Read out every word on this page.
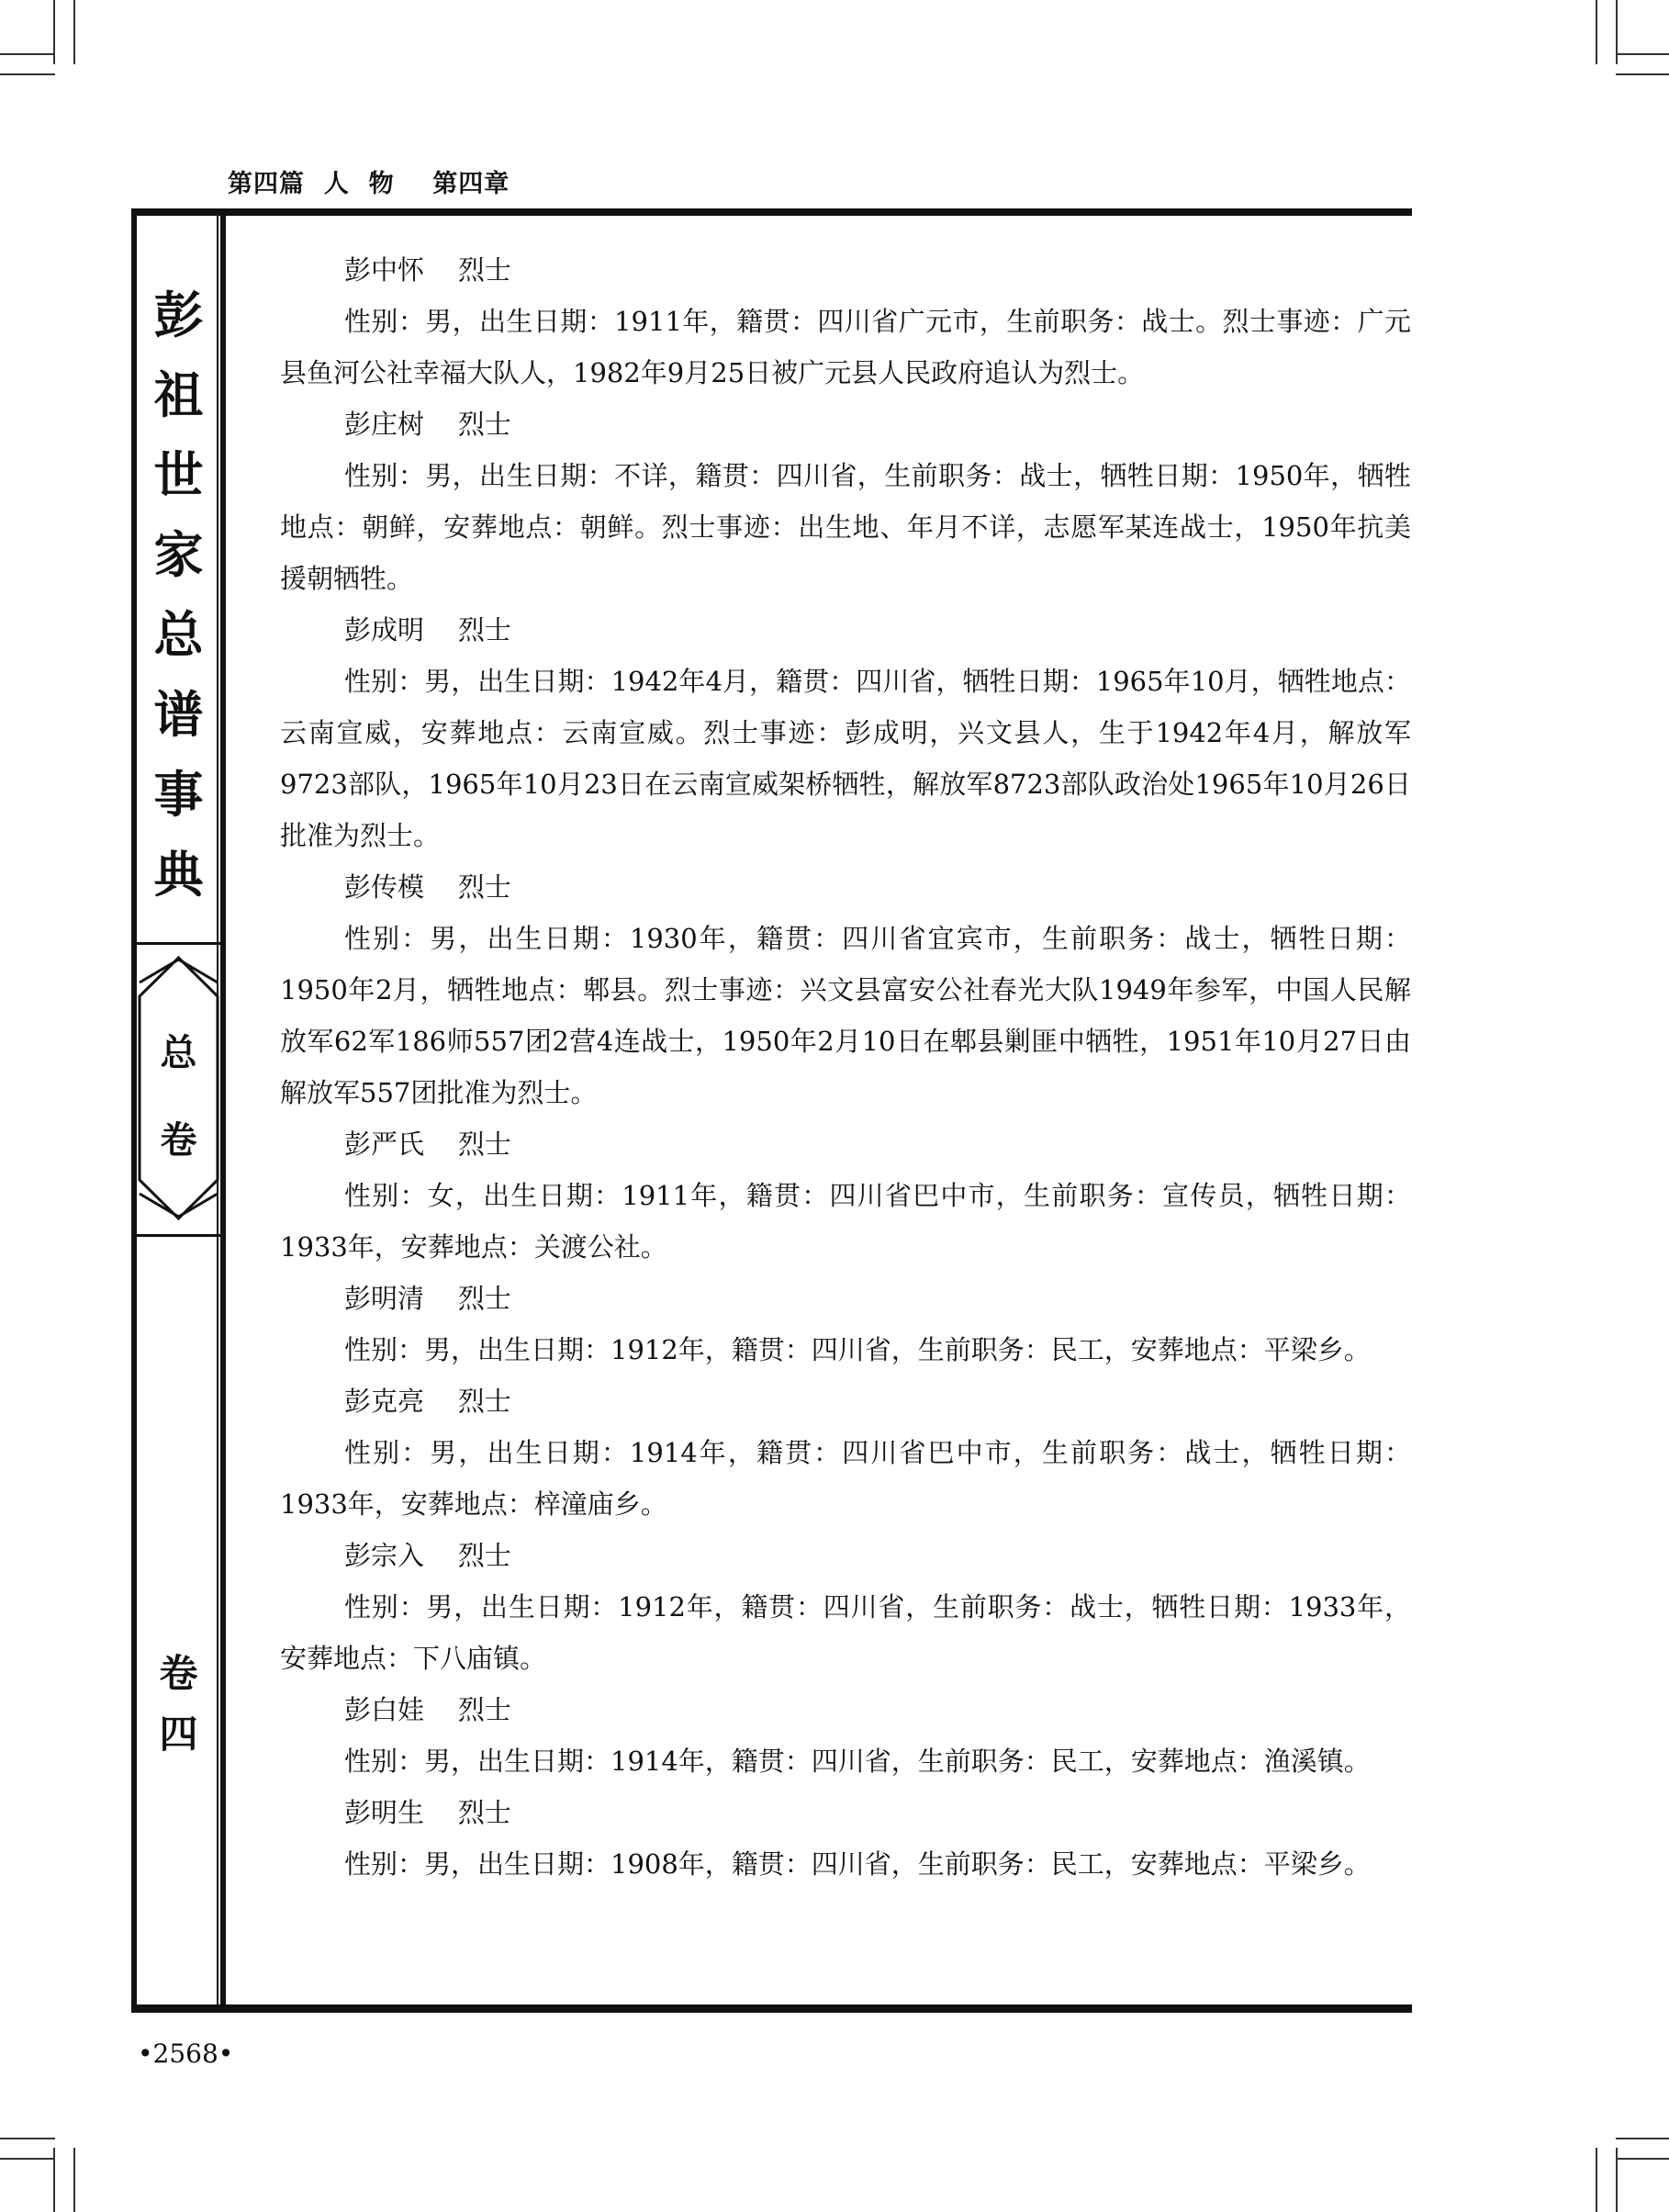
第四篇  人  物    第四章
彭
祖
世
家
总
谱
事
典
总
卷
卷
四

彭中怀    烈士

性别：男，出生日期：1911年，籍贯：四川省广元市，生前职务：战士。烈士事迹：广元县鱼河公社幸福大队人，1982年9月25日被广元县人民政府追认为烈士。

彭庄树    烈士

性别：男，出生日期：不详，籍贯：四川省，生前职务：战士，牺牲日期：1950年，牺牲地点：朝鲜，安葬地点：朝鲜。烈士事迹：出生地、年月不详，志愿军某连战士，1950年抗美援朝牺牲。

彭成明    烈士

性别：男，出生日期：1942年4月，籍贯：四川省，牺牲日期：1965年10月，牺牲地点：云南宣威，安葬地点：云南宣威。烈士事迹：彭成明，兴文县人，生于1942年4月，解放军9723部队，1965年10月23日在云南宣威架桥牺牲，解放军8723部队政治处1965年10月26日批准为烈士。

彭传模    烈士

性别：男，出生日期：1930年，籍贯：四川省宜宾市，生前职务：战士，牺牲日期：1950年2月，牺牲地点：郫县。烈士事迹：兴文县富安公社春光大队1949年参军，中国人民解放军62军186师557团2营4连战士，1950年2月10日在郫县剿匪中牺牲，1951年10月27日由解放军557团批准为烈士。

彭严氏    烈士

性别：女，出生日期：1911年，籍贯：四川省巴中市，生前职务：宣传员，牺牲日期：1933年，安葬地点：关渡公社。

彭明清    烈士

性别：男，出生日期：1912年，籍贯：四川省，生前职务：民工，安葬地点：平梁乡。

彭克亮    烈士

性别：男，出生日期：1914年，籍贯：四川省巴中市，生前职务：战士，牺牲日期：1933年，安葬地点：梓潼庙乡。

彭宗入    烈士

性别：男，出生日期：1912年，籍贯：四川省，生前职务：战士，牺牲日期：1933年，安葬地点：下八庙镇。

彭白娃    烈士

性别：男，出生日期：1914年，籍贯：四川省，生前职务：民工，安葬地点：渔溪镇。

彭明生    烈士

性别：男，出生日期：1908年，籍贯：四川省，生前职务：民工，安葬地点：平梁乡。

•2568•
